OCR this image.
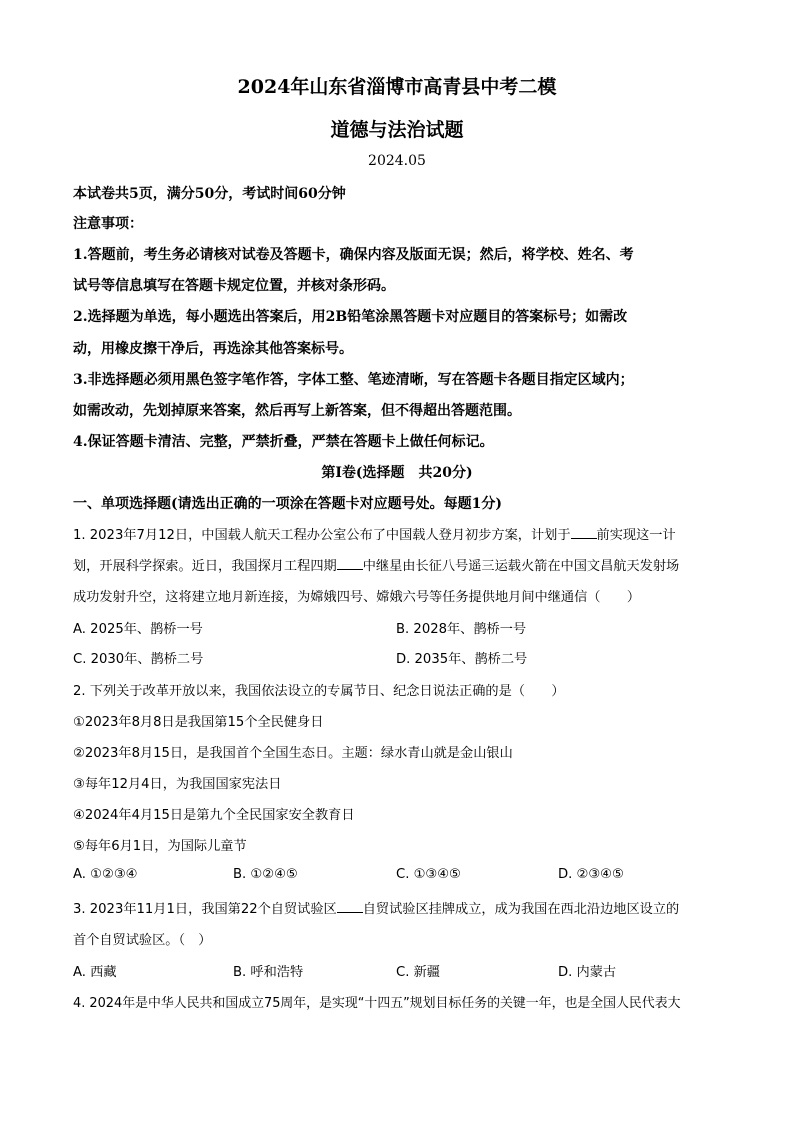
2024年山东省淄博市高青县中考二模
道德与法治试题
2024.05
本试卷共5页，满分50分，考试时间60分钟
注意事项：
1.答题前，考生务必请核对试卷及答题卡，确保内容及版面无误；然后，将学校、姓名、考
试号等信息填写在答题卡规定位置，并核对条形码。
2.选择题为单选，每小题选出答案后，用2B铅笔涂黑答题卡对应题目的答案标号；如需改
动，用橡皮擦干净后，再选涂其他答案标号。
3.非选择题必须用黑色签字笔作答，字体工整、笔迹清晰，写在答题卡各题目指定区域内；
如需改动，先划掉原来答案，然后再写上新答案，但不得超出答题范围。
4.保证答题卡清洁、完整，严禁折叠，严禁在答题卡上做任何标记。
第Ⅰ卷(选择题　共20分)
一、单项选择题(请选出正确的一项涂在答题卡对应题号处。每题1分)
1. 2023年7月12日，中国载人航天工程办公室公布了中国载人登月初步方案，计划于 前实现这一计
划，开展科学探索。近日，我国探月工程四期 中继星由长征八号遥三运载火箭在中国文昌航天发射场
成功发射升空，这将建立地月新连接，为嫦娥四号、嫦娥六号等任务提供地月间中继通信（　　）
A. 2025年、鹊桥一号	B. 2028年、鹊桥一号
C. 2030年、鹊桥二号	D. 2035年、鹊桥二号
2. 下列关于改革开放以来，我国依法设立的专属节日、纪念日说法正确的是（　　）
①2023年8月8日是我国第15个全民健身日
②2023年8月15日，是我国首个全国生态日。主题：绿水青山就是金山银山
③每年12月4日，为我国国家宪法日
④2024年4月15日是第九个全民国家安全教育日
⑤每年6月1日，为国际儿童节
A. ①②③④	B. ①②④⑤	C. ①③④⑤	D. ②③④⑤
3. 2023年11月1日，我国第22个自贸试验区 自贸试验区挂牌成立，成为我国在西北沿边地区设立的
首个自贸试验区。（　）
A. 西藏	B. 呼和浩特	C. 新疆	D. 内蒙古
4. 2024年是中华人民共和国成立75周年，是实现“十四五”规划目标任务的关键一年，也是全国人民代表大
